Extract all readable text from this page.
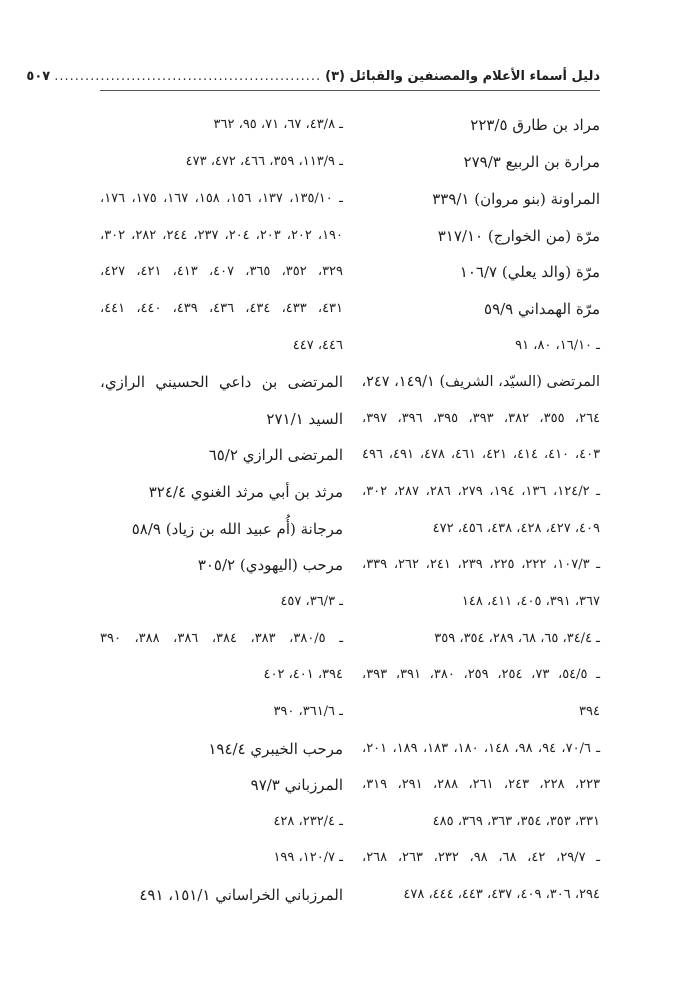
دليل أسماء الأعلام والمصنفين والقبائل (٣)
....................................................
٥٠٧
مراد بن طارق ٢٢٣/٥
مرارة بن الربيع ٢٧٩/٣
المراونة (بنو مروان) ٣٣٩/١
مرّة (من الخوارج) ٣١٧/١٠
مرّة (والد يعلي) ١٠٦/٧
مرّة الهمداني ٥٩/٩
ـ ١٦/١٠، ٨٠، ٩١
المرتضى (السيّد، الشريف) ١٤٩/١، ٢٤٧،
٢٦٤، ٣٥٥، ٣٨٢، ٣٩٣، ٣٩٥، ٣٩٦، ٣٩٧،
٤٠٣، ٤١٠، ٤١٤، ٤٢١، ٤٦١، ٤٧٨، ٤٩١، ٤٩٦
ـ ١٢٤/٢، ١٣٦، ١٩٤، ٢٧٩، ٢٨٦، ٢٨٧، ٣٠٢،
٤٠٩، ٤٢٧، ٤٢٨، ٤٣٨، ٤٥٦، ٤٧٢
ـ ١٠٧/٣، ٢٢٢، ٢٢٥، ٢٣٩، ٢٤١، ٢٦٢، ٣٣٩،
٣٦٧، ٣٩١، ٤٠٥، ٤١١، ١٤٨
ـ ٣٤/٤، ٦٥، ٦٨، ٢٨٩، ٣٥٤، ٣٥٩
ـ ٥٤/٥، ٧٣، ٢٥٤، ٢٥٩، ٣٨٠، ٣٩١، ٣٩٣،
٣٩٤
ـ ٧٠/٦، ٩٤، ٩٨، ١٤٨، ١٨٠، ١٨٣، ١٨٩، ٢٠١،
٢٢٣، ٢٢٨، ٢٤٣، ٢٦١، ٢٨٨، ٢٩١، ٣١٩،
٣٣١، ٣٥٣، ٣٥٤، ٣٦٣، ٣٦٩، ٤٨٥
ـ ٢٩/٧، ٤٢، ٦٨، ٩٨، ٢٣٢، ٢٦٣، ٢٦٨،
٢٩٤، ٣٠٦، ٤٠٩، ٤٣٧، ٤٤٣، ٤٤٤، ٤٧٨
ـ ٤٣/٨، ٦٧، ٧١، ٩٥، ٣٦٢
ـ ١١٣/٩، ٣٥٩، ٤٦٦، ٤٧٢، ٤٧٣
ـ ١٣٥/١٠، ١٣٧، ١٥٦، ١٥٨، ١٦٧، ١٧٥، ١٧٦،
١٩٠، ٢٠٢، ٢٠٣، ٢٠٤، ٢٣٧، ٢٤٤، ٢٨٢، ٣٠٢،
٣٢٩، ٣٥٢، ٣٦٥، ٤٠٧، ٤١٣، ٤٢١، ٤٢٧،
٤٣١، ٤٣٣، ٤٣٤، ٤٣٦، ٤٣٩، ٤٤٠، ٤٤١،
٤٤٦، ٤٤٧
المرتضى بن داعي الحسيني الرازي،
السيد ٢٧١/١
المرتضى الرازي ٦٥/٢
مرثد بن أبي مرثد الغنوي ٣٢٤/٤
مرجانة (أُم عبيد الله بن زياد) ٥٨/٩
مرحب (اليهودي) ٣٠٥/٢
ـ ٣٦/٣، ٤٥٧
ـ ٣٨٠/٥، ٣٨٣، ٣٨٤، ٣٨٦، ٣٨٨، ٣٩٠
٣٩٤، ٤٠١، ٤٠٢
ـ ٣٦١/٦، ٣٩٠
مرحب الخيبري ١٩٤/٤
المرزباني ٩٧/٣
ـ ٢٣٢/٤، ٤٢٨
ـ ١٢٠/٧، ١٩٩
المرزباني الخراساني ١٥١/١، ٤٩١
